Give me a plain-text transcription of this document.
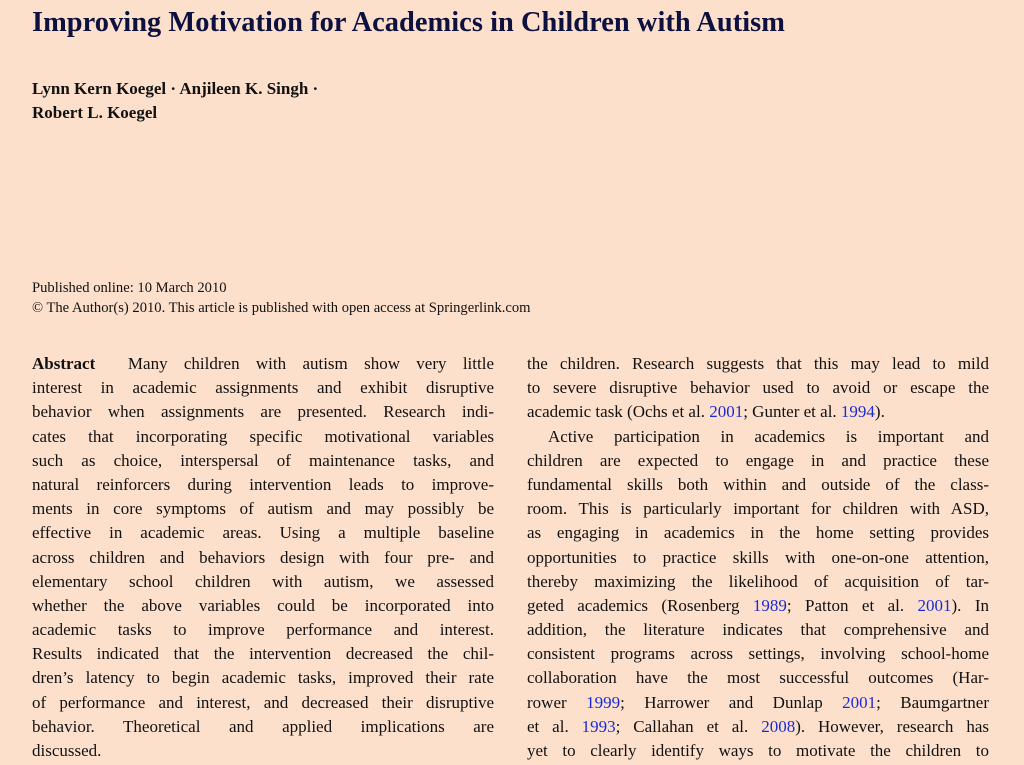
Improving Motivation for Academics in Children with Autism
Lynn Kern Koegel · Anjileen K. Singh ·
Robert L. Koegel
Published online: 10 March 2010
© The Author(s) 2010. This article is published with open access at Springerlink.com
Abstract Many children with autism show very little
interest in academic assignments and exhibit disruptive
behavior when assignments are presented. Research indi-
cates that incorporating specific motivational variables
such as choice, interspersal of maintenance tasks, and
natural reinforcers during intervention leads to improve-
ments in core symptoms of autism and may possibly be
effective in academic areas. Using a multiple baseline
across children and behaviors design with four pre- and
elementary school children with autism, we assessed
whether the above variables could be incorporated into
academic tasks to improve performance and interest.
Results indicated that the intervention decreased the chil-
dren’s latency to begin academic tasks, improved their rate
of performance and interest, and decreased their disruptive
behavior. Theoretical and applied implications are
discussed.
the children. Research suggests that this may lead to mild
to severe disruptive behavior used to avoid or escape the
academic task (Ochs et al. 2001; Gunter et al. 1994).
Active participation in academics is important and
children are expected to engage in and practice these
fundamental skills both within and outside of the class-
room. This is particularly important for children with ASD,
as engaging in academics in the home setting provides
opportunities to practice skills with one-on-one attention,
thereby maximizing the likelihood of acquisition of tar-
geted academics (Rosenberg 1989; Patton et al. 2001). In
addition, the literature indicates that comprehensive and
consistent programs across settings, involving school-home
collaboration have the most successful outcomes (Har-
rower 1999; Harrower and Dunlap 2001; Baumgartner
et al. 1993; Callahan et al. 2008). However, research has
yet to clearly identify ways to motivate the children to
